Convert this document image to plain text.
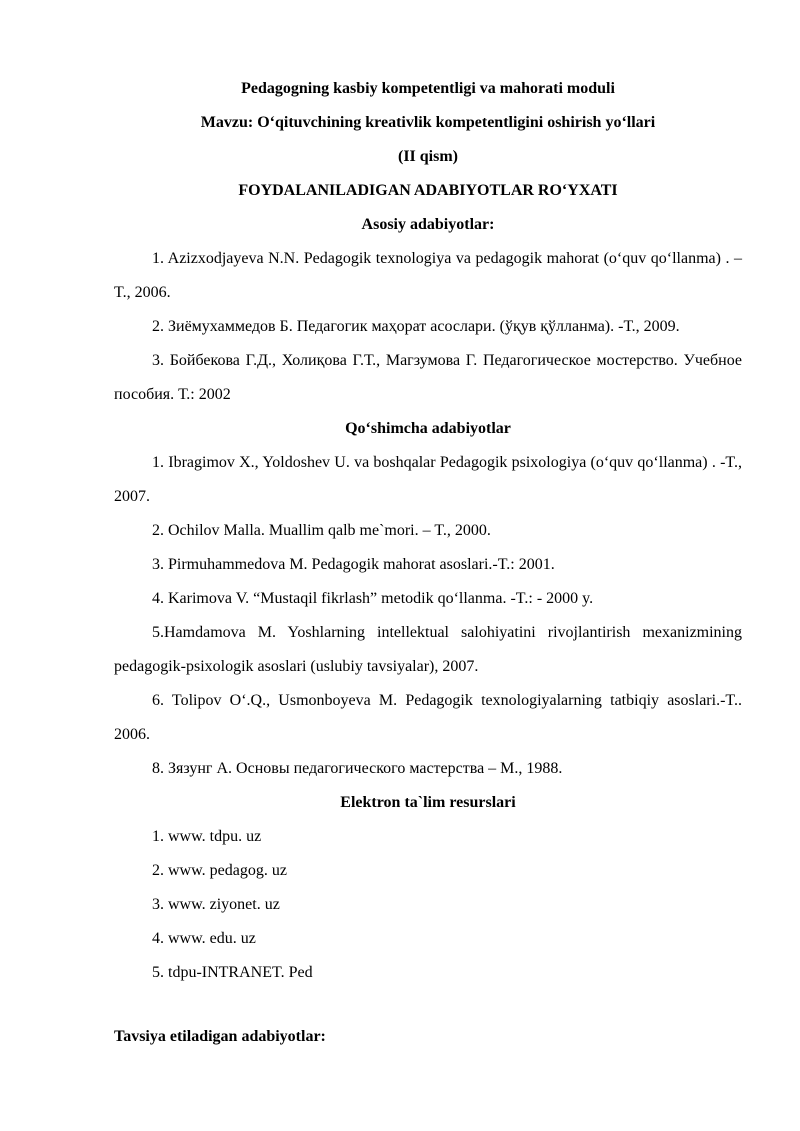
Pedagogning kasbiy kompetentligi va mahorati moduli
Mavzu: O‘qituvchining kreativlik kompetentligini oshirish yo‘llari
(II qism)
FOYDALANILADIGAN ADABIYOTLAR RO‘YXATI
Asosiy adabiyotlar:
1. Azizxodjayeva N.N. Pedagogik texnologiya va pedagogik mahorat (o‘quv qo‘llanma) . –T., 2006.
2. Зиёмухаммедов Б. Педагогик маҳорат асослари. (ўқув қўлланма). -Т., 2009.
3. Бойбекова Г.Д., Холиқова Г.Т., Магзумова Г. Педагогическое мостерство. Учебное пособия. Т.: 2002
Qo‘shimcha adabiyotlar
1. Ibragimov X., Yoldoshev U. va boshqalar Pedagogik psixologiya (o‘quv qo‘llanma) . -T., 2007.
2. Ochilov Malla. Muallim qalb me`mori. – T., 2000.
3. Pirmuhammedova M. Pedagogik mahorat asoslari.-T.: 2001.
4. Karimova V. “Mustaqil fikrlash” metodik qo‘llanma. -T.: - 2000 y.
5.Hamdamova M. Yoshlarning intellektual salohiyatini rivojlantirish mexanizmining pedagogik-psixologik asoslari (uslubiy tavsiyalar), 2007.
6. Tolipov O‘.Q., Usmonboyeva M. Pedagogik texnologiyalarning tatbiqiy asoslari.-T.. 2006.
8. Зязунг А. Основы педагогического мастерства – М., 1988.
Elektron ta`lim resurslari
1. www. tdpu. uz
2. www. pedagog. uz
3. www. ziyonet. uz
4. www. edu. uz
5. tdpu-INTRANET. Ped
Tavsiya etiladigan adabiyotlar:
